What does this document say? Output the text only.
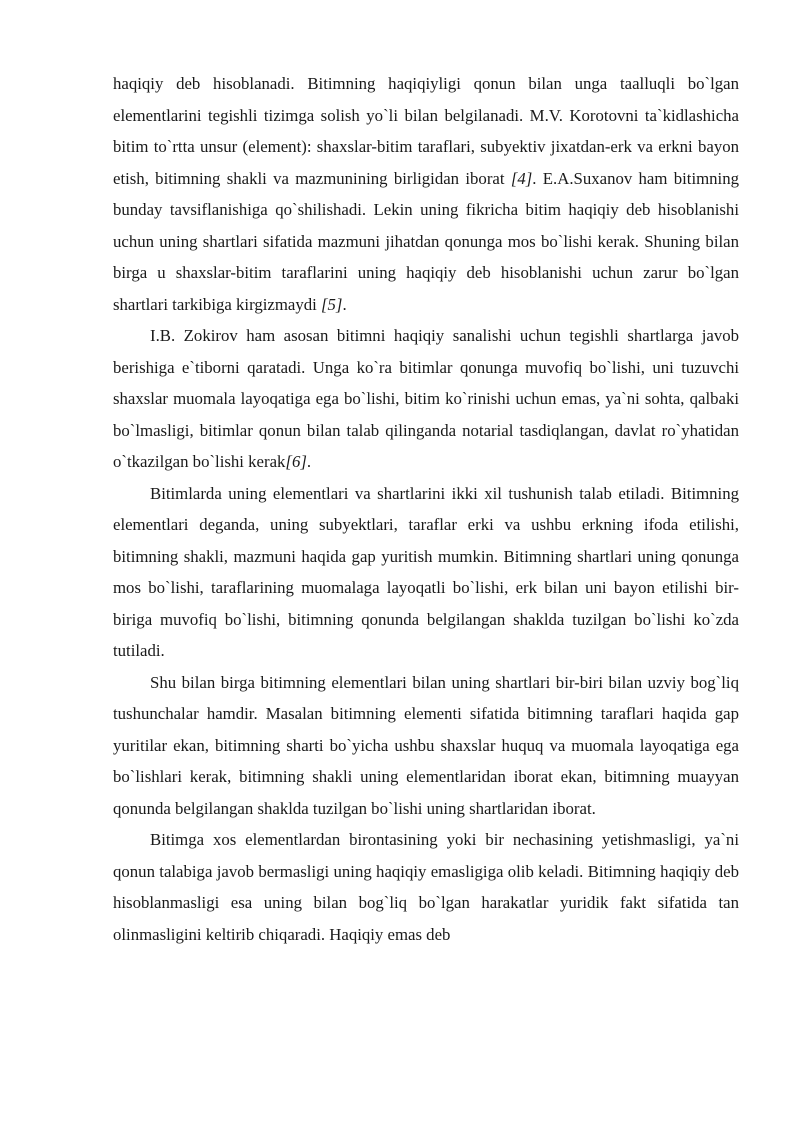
haqiqiy deb hisoblanadi. Bitimning haqiqiyligi qonun bilan unga taalluqli bo`lgan elementlarini tegishli tizimga solish yo`li bilan belgilanadi. M.V. Korotovni ta`kidlashicha bitim to`rtta unsur (element): shaxslar-bitim taraflari, subyektiv jixatdan-erk va erkni bayon etish, bitimning shakli va mazmunining birligidan iborat [4]. E.A.Suxanov ham bitimning bunday tavsiflanishiga qo`shilishadi. Lekin uning fikricha bitim haqiqiy deb hisoblanishi uchun uning shartlari sifatida mazmuni jihatdan qonunga mos bo`lishi kerak. Shuning bilan birga u shaxslar-bitim taraflarini uning haqiqiy deb hisoblanishi uchun zarur bo`lgan shartlari tarkibiga kirgizmaydi [5].

I.B. Zokirov ham asosan bitimni haqiqiy sanalishi uchun tegishli shartlarga javob berishiga e`tiborni qaratadi. Unga ko`ra bitimlar qonunga muvofiq bo`lishi, uni tuzuvchi shaxslar muomala layoqatiga ega bo`lishi, bitim ko`rinishi uchun emas, ya`ni sohta, qalbaki bo`lmasligi, bitimlar qonun bilan talab qilinganda notarial tasdiqlangan, davlat ro`yhatidan o`tkazilgan bo`lishi kerak[6].

Bitimlarda uning elementlari va shartlarini ikki xil tushunish talab etiladi. Bitimning elementlari deganda, uning subyektlari, taraflar erki va ushbu erkning ifoda etilishi, bitimning shakli, mazmuni haqida gap yuritish mumkin. Bitimning shartlari uning qonunga mos bo`lishi, taraflarining muomalaga layoqatli bo`lishi, erk bilan uni bayon etilishi bir-biriga muvofiq bo`lishi, bitimning qonunda belgilangan shaklda tuzilgan bo`lishi ko`zda tutiladi.

Shu bilan birga bitimning elementlari bilan uning shartlari bir-biri bilan uzviy bog`liq tushunchalar hamdir. Masalan bitimning elementi sifatida bitimning taraflari haqida gap yuritilar ekan, bitimning sharti bo`yicha ushbu shaxslar huquq va muomala layoqatiga ega bo`lishlari kerak, bitimning shakli uning elementlaridan iborat ekan, bitimning muayyan qonunda belgilangan shaklda tuzilgan bo`lishi uning shartlaridan iborat.

Bitimga xos elementlardan birontasining yoki bir nechasining yetishmasligi, ya`ni qonun talabiga javob bermasligi uning haqiqiy emasligiga olib keladi. Bitimning haqiqiy deb hisoblanmasligi esa uning bilan bog`liq bo`lgan harakatlar yuridik fakt sifatida tan olinmasligini keltirib chiqaradi. Haqiqiy emas deb
